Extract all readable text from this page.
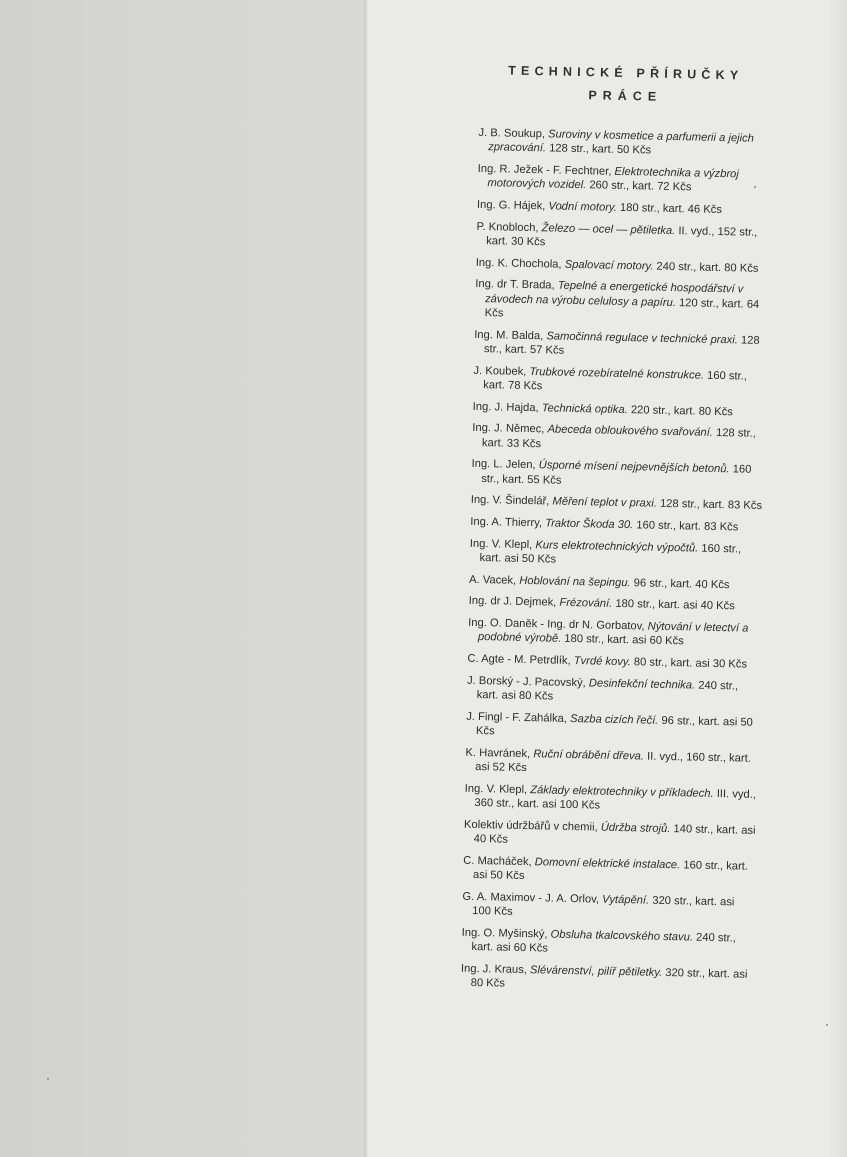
TECHNICKÉ PŘÍRUČKY
PRÁCE
J. B. Soukup, Suroviny v kosmetice a parfumerii a jejich zpracování. 128 str., kart. 50 Kčs
Ing. R. Ježek - F. Fechtner, Elektrotechnika a výzbroj motorových vozidel. 260 str., kart. 72 Kčs
Ing. G. Hájek, Vodní motory. 180 str., kart. 46 Kčs
P. Knobloch, Železo — ocel — pětiletka. II. vyd., 152 str., kart. 30 Kčs
Ing. K. Chochola, Spalovací motory. 240 str., kart. 80 Kčs
Ing. dr T. Brada, Tepelné a energetické hospodářství v závodech na výrobu celulosy a papíru. 120 str., kart. 64 Kčs
Ing. M. Balda, Samočinná regulace v technické praxi. 128 str., kart. 57 Kčs
J. Koubek, Trubkové rozebíratelné konstrukce. 160 str., kart. 78 Kčs
Ing. J. Hajda, Technická optika. 220 str., kart. 80 Kčs
Ing. J. Němec, Abeceda obloukového svařování. 128 str., kart. 33 Kčs
Ing. L. Jelen, Úsporné mísení nejpevnějších betonů. 160 str., kart. 55 Kčs
Ing. V. Šindelář, Měření teplot v praxi. 128 str., kart. 83 Kčs
Ing. A. Thierry, Traktor Škoda 30. 160 str., kart. 83 Kčs
Ing. V. Klepl, Kurs elektrotechnických výpočtů. 160 str., kart. asi 50 Kčs
A. Vacek, Hoblování na šepingu. 96 str., kart. 40 Kčs
Ing. dr J. Dejmek, Frézování. 180 str., kart. asi 40 Kčs
Ing. O. Daněk - Ing. dr N. Gorbatov, Nýtování v letectví a podobné výrobě. 180 str., kart. asi 60 Kčs
C. Agte - M. Petrdlík, Tvrdé kovy. 80 str., kart. asi 30 Kčs
J. Borský - J. Pacovský, Desinfekční technika. 240 str., kart. asi 80 Kčs
J. Fingl - F. Zahálka, Sazba cizích řečí. 96 str., kart. asi 50 Kčs
K. Havránek, Ruční obrábění dřeva. II. vyd., 160 str., kart. asi 52 Kčs
Ing. V. Klepl, Základy elektrotechniky v příkladech. III. vyd., 360 str., kart. asi 100 Kčs
Kolektiv údržbářů v chemii, Údržba strojů. 140 str., kart. asi 40 Kčs
C. Macháček, Domovní elektrické instalace. 160 str., kart. asi 50 Kčs
G. A. Maximov - J. A. Orlov, Vytápění. 320 str., kart. asi 100 Kčs
Ing. O. Myšinský, Obsluha tkalcovského stavu. 240 str., kart. asi 60 Kčs
Ing. J. Kraus, Slévárenství, pilíř pětiletky. 320 str., kart. asi 80 Kčs
